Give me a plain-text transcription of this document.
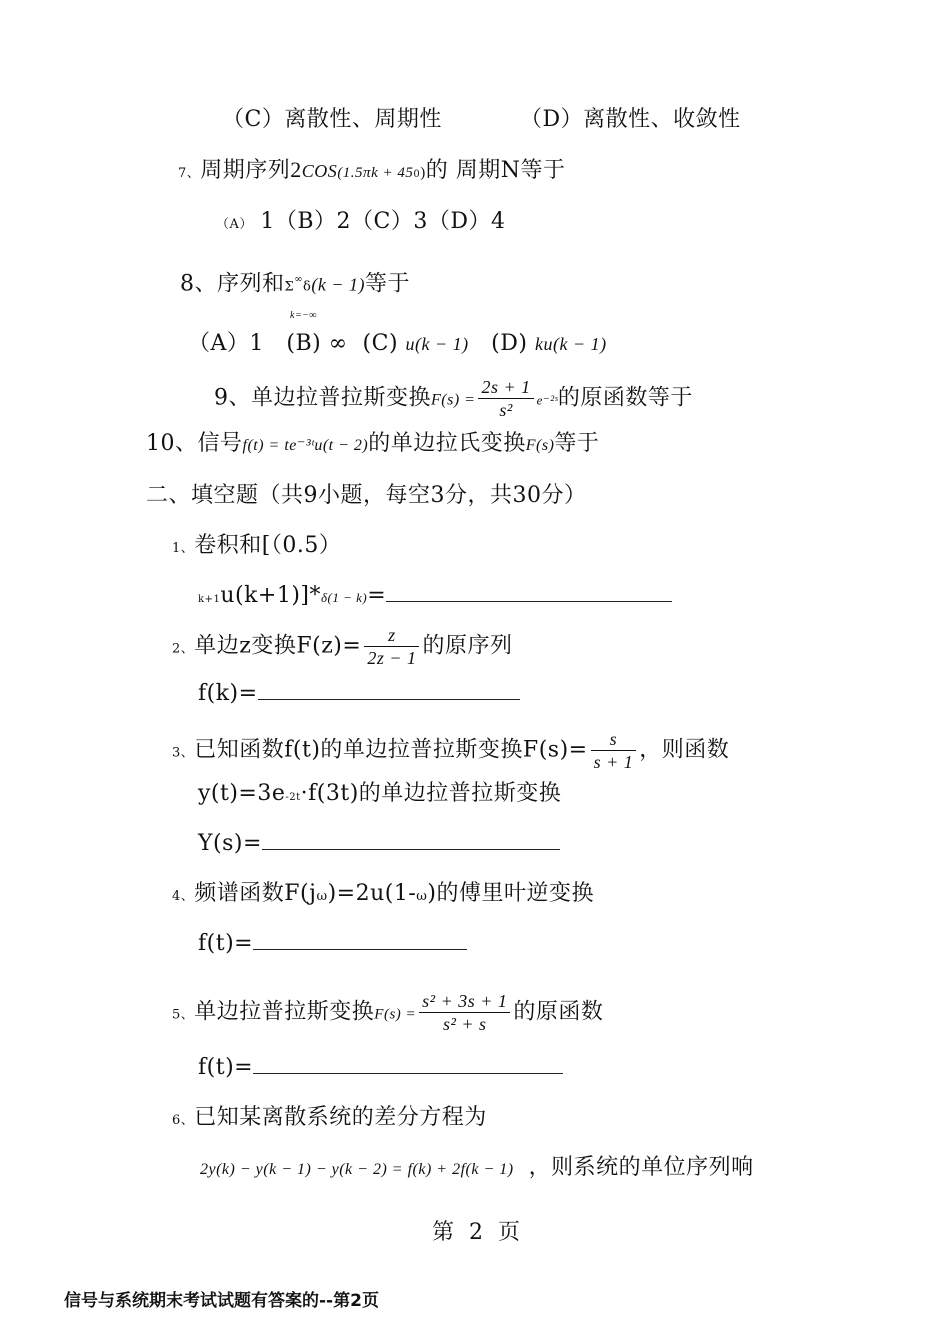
（C）离散性、周期性	（D）离散性、收敛性
7、周期序列2COS(1.5πk + 450)的 周期N等于
（A） 1（B）2（C）3（D）4
8、序列和Σ∞δ(k − 1)等于
k=−∞
（A）1 (B) ∞ (C) u(k − 1) (D) ku(k − 1)
9、单边拉普拉斯变换$F(s) = \frac{2s + 1}{\text{s²}}$ e⁻²ˢ的原函数等于
10、信号f(t) = te⁻³ᵗu(t − 2)的单边拉氏变换F(s)等于
二、填空题（共9小题，每空3分，共30分）
1、卷积和[（0.5）
k+1u(k+1)]*δ(1 − k)=
2、单边z变换$F(z)= \frac{z}{2z - 1}$ 的原序列
f(k)=
3、已知函数f(t)的单边拉普拉斯变换$F(s)= \frac{s}{s + 1}$ ，则函数
y(t)=3e-2t·f(3t)的单边拉普拉斯变换
Y(s)=
4、频谱函数F(jω)=2u(1-ω)的傅里叶逆变换
f(t)=
5、单边拉普拉斯变换$F(s) = \frac{\text{s² + 3s + 1}}{\text{s² + s}}$ 的原函数
f(t)=
6、已知某离散系统的差分方程为
2y(k) − y(k − 1) − y(k − 2) = f(k) + 2f(k − 1) ，则系统的单位序列响
第 2 页
信号与系统期末考试试题有答案的--第2页
